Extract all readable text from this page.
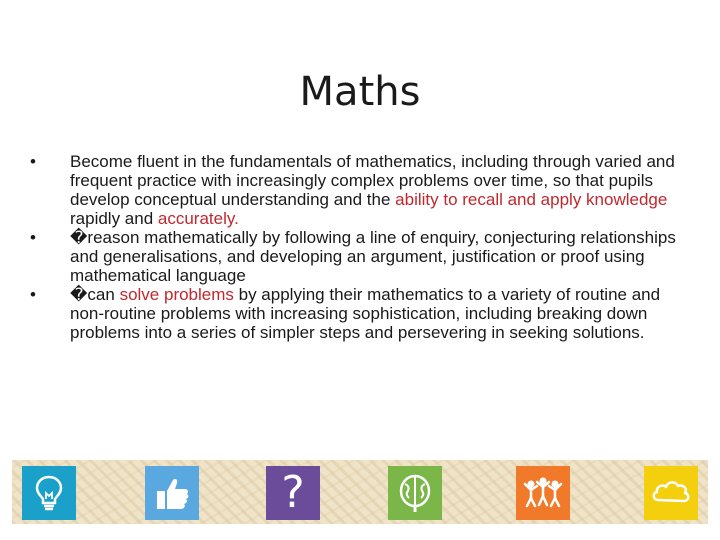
Maths
•	Become fluent in the fundamentals of mathematics, including through varied and frequent practice with increasingly complex problems over time, so that pupils develop conceptual understanding and the ability to recall and apply knowledge rapidly and accurately.
•	�reason mathematically by following a line of enquiry, conjecturing relationships and generalisations, and developing an argument, justification or proof using mathematical language
•	�can solve problems by applying their mathematics to a variety of routine and non-routine problems with increasing sophistication, including breaking down problems into a series of simpler steps and persevering in seeking solutions.
?
